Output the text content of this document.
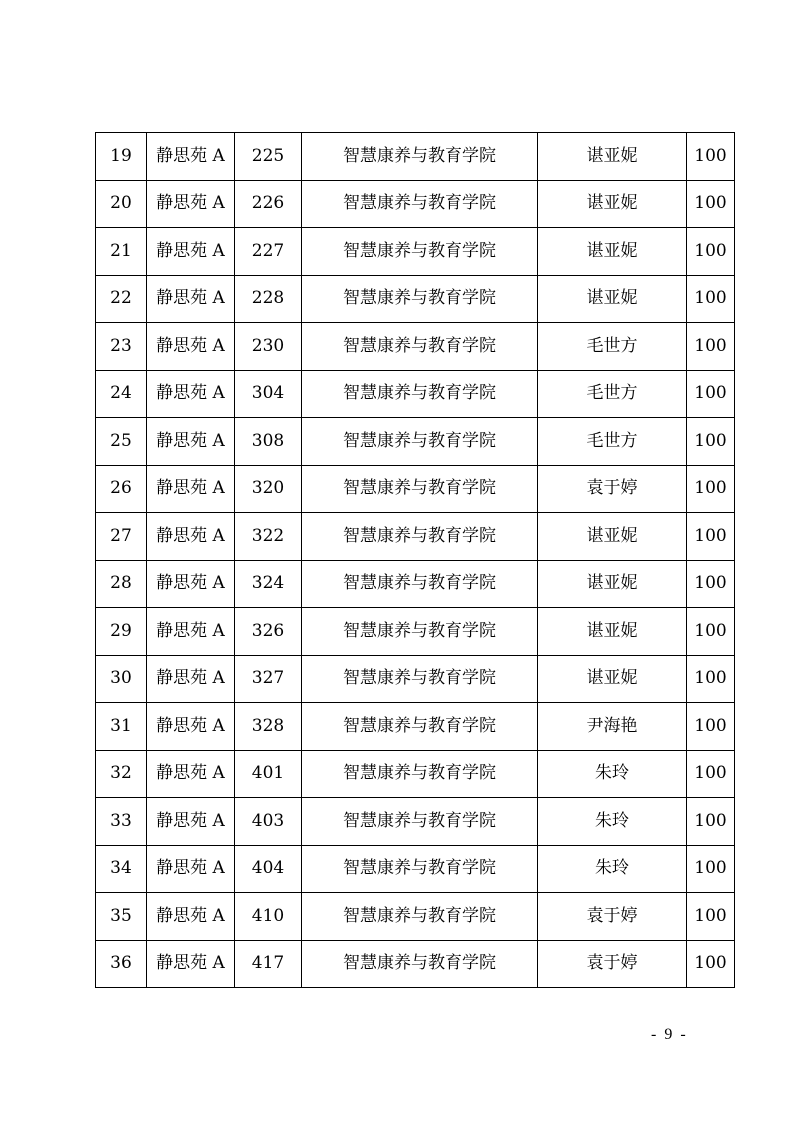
19	静思苑 A	225	智慧康养与教育学院	谌亚妮	100
20	静思苑 A	226	智慧康养与教育学院	谌亚妮	100
21	静思苑 A	227	智慧康养与教育学院	谌亚妮	100
22	静思苑 A	228	智慧康养与教育学院	谌亚妮	100
23	静思苑 A	230	智慧康养与教育学院	毛世方	100
24	静思苑 A	304	智慧康养与教育学院	毛世方	100
25	静思苑 A	308	智慧康养与教育学院	毛世方	100
26	静思苑 A	320	智慧康养与教育学院	袁于婷	100
27	静思苑 A	322	智慧康养与教育学院	谌亚妮	100
28	静思苑 A	324	智慧康养与教育学院	谌亚妮	100
29	静思苑 A	326	智慧康养与教育学院	谌亚妮	100
30	静思苑 A	327	智慧康养与教育学院	谌亚妮	100
31	静思苑 A	328	智慧康养与教育学院	尹海艳	100
32	静思苑 A	401	智慧康养与教育学院	朱玲	100
33	静思苑 A	403	智慧康养与教育学院	朱玲	100
34	静思苑 A	404	智慧康养与教育学院	朱玲	100
35	静思苑 A	410	智慧康养与教育学院	袁于婷	100
36	静思苑 A	417	智慧康养与教育学院	袁于婷	100
- 9 -
